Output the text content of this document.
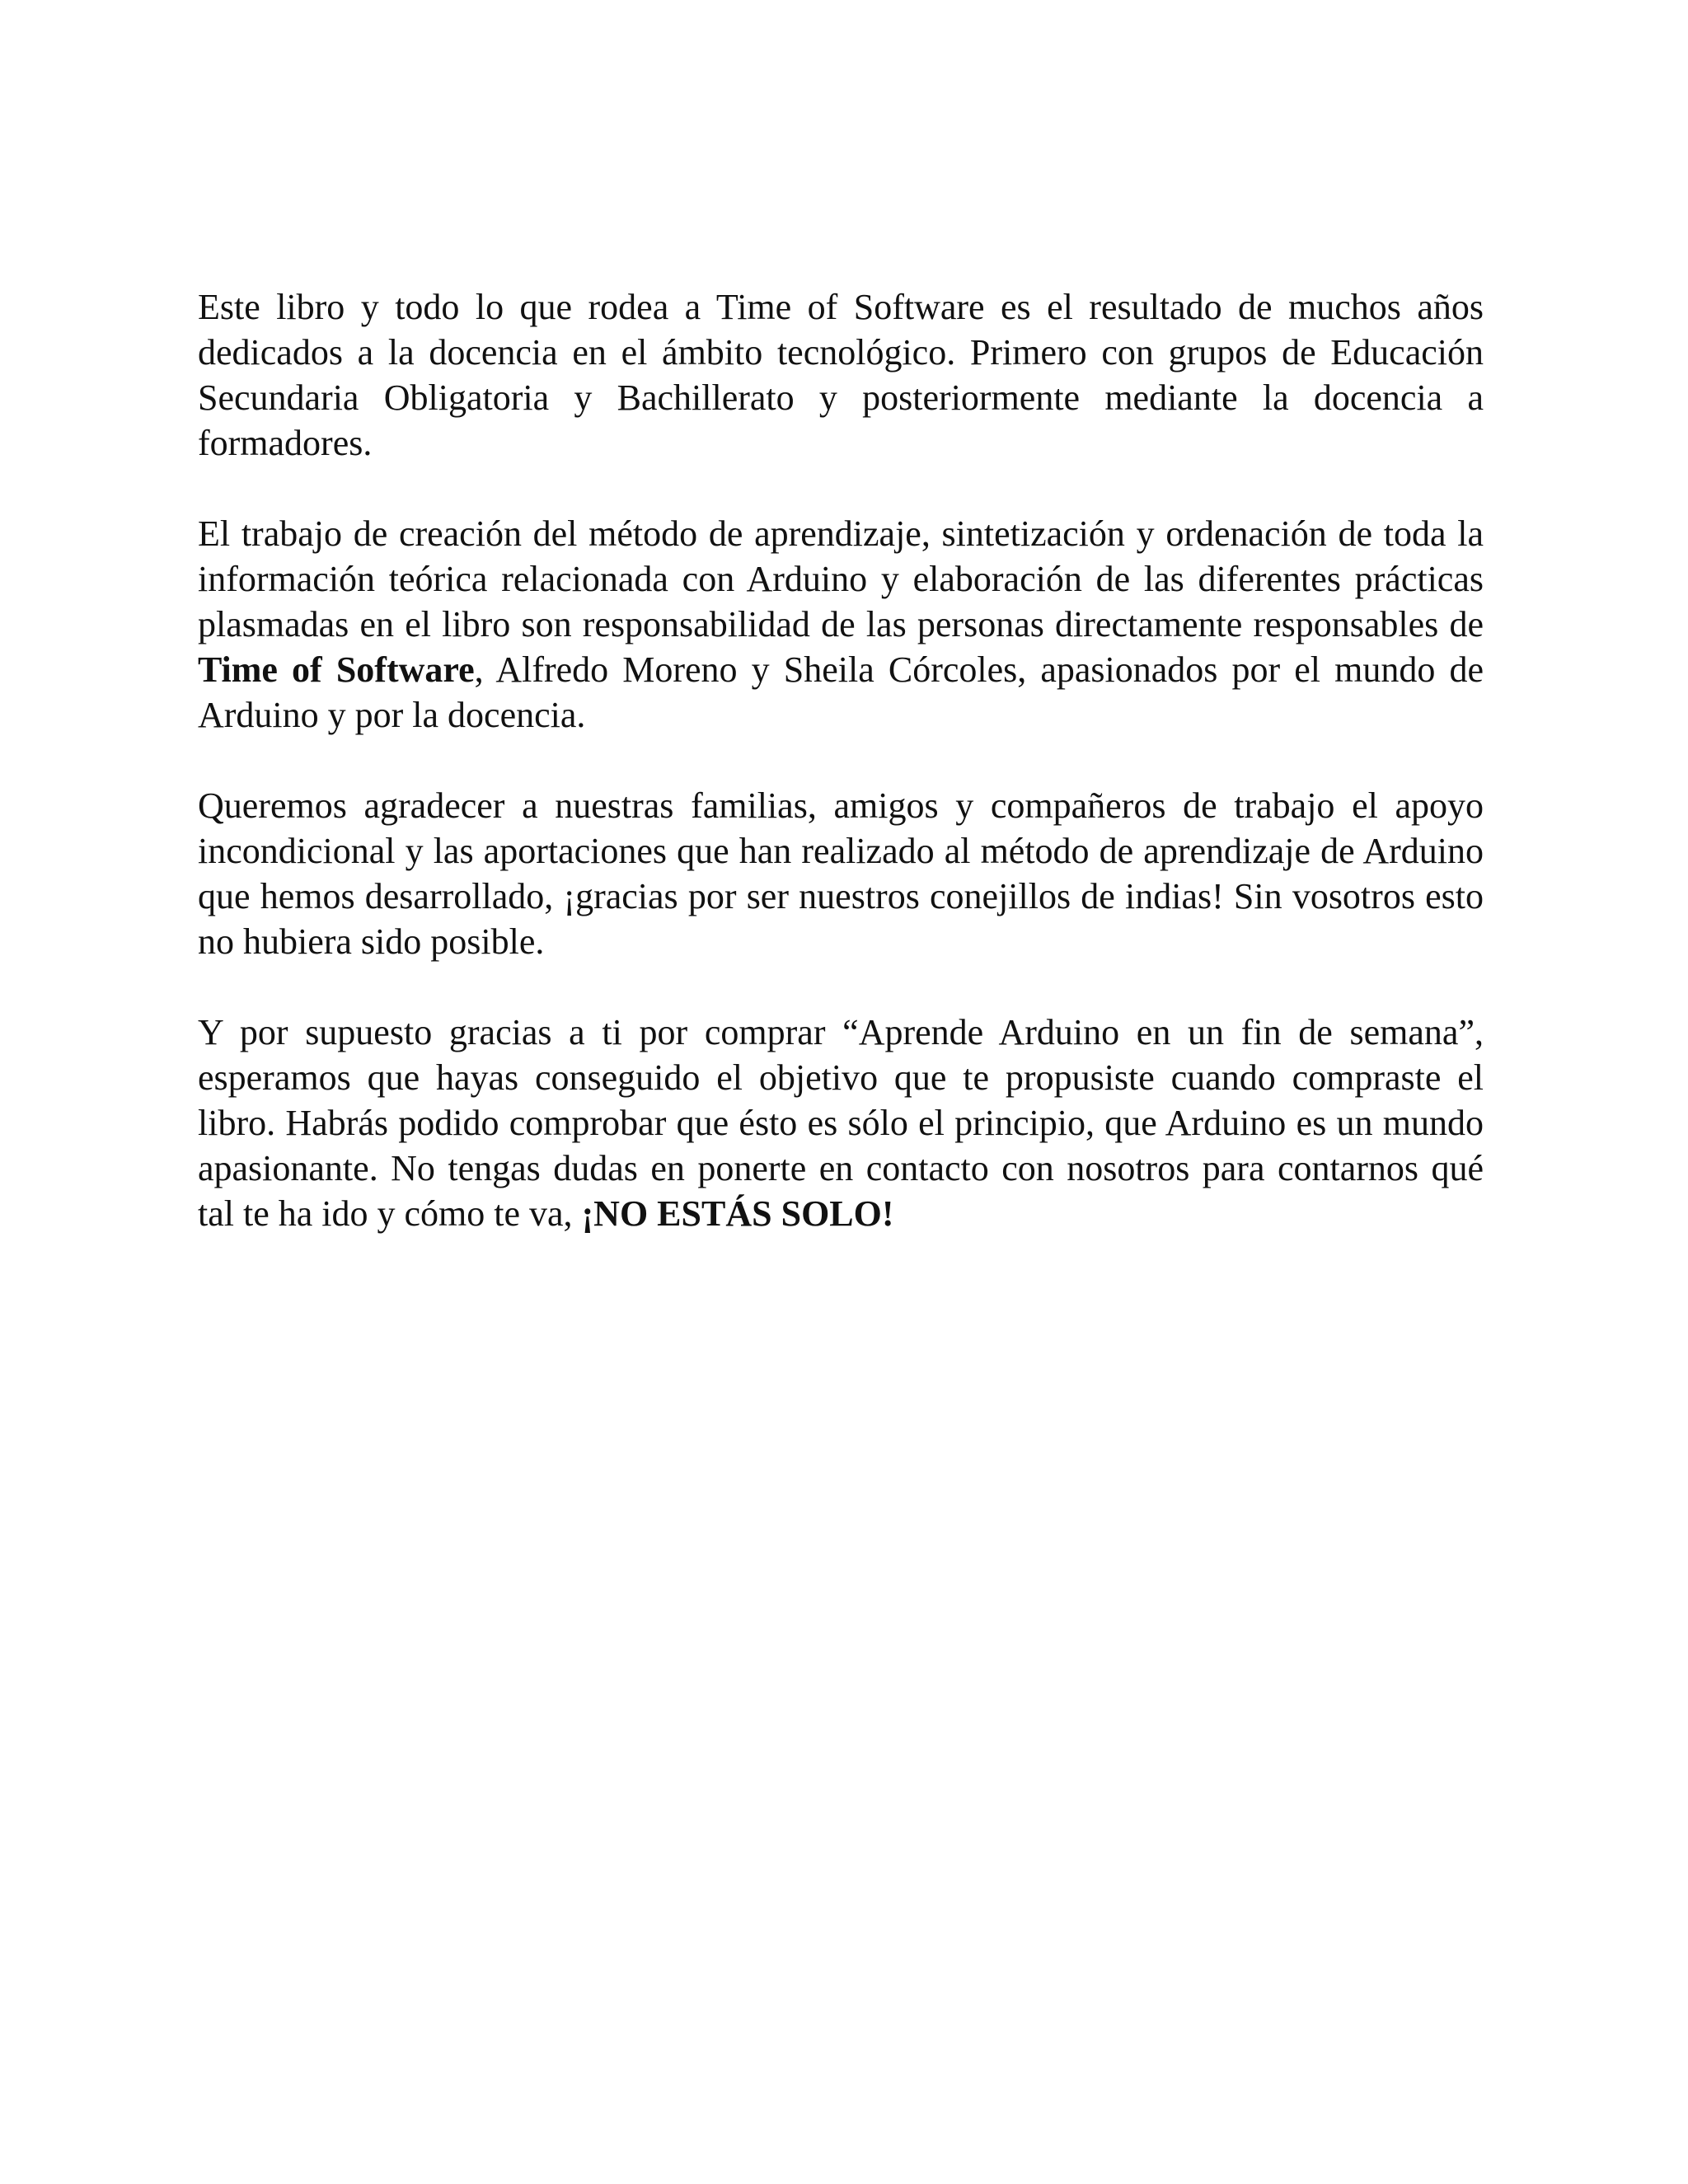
Este libro y todo lo que rodea a Time of Software es el resultado de muchos años dedicados a la docencia en el ámbito tecnológico. Primero con grupos de Educación Secundaria Obligatoria y Bachillerato y posteriormente mediante la docencia a formadores.

El trabajo de creación del método de aprendizaje, sintetización y ordenación de toda la información teórica relacionada con Arduino y elaboración de las diferentes prácticas plasmadas en el libro son responsabilidad de las personas directamente responsables de Time of Software, Alfredo Moreno y Sheila Córcoles, apasionados por el mundo de Arduino y por la docencia.

Queremos agradecer a nuestras familias, amigos y compañeros de trabajo el apoyo incondicional y las aportaciones que han realizado al método de aprendizaje de Arduino que hemos desarrollado, ¡gracias por ser nuestros conejillos de indias! Sin vosotros esto no hubiera sido posible.

Y por supuesto gracias a ti por comprar “Aprende Arduino en un fin de semana”, esperamos que hayas conseguido el objetivo que te propusiste cuando compraste el libro. Habrás podido comprobar que ésto es sólo el principio, que Arduino es un mundo apasionante. No tengas dudas en ponerte en contacto con nosotros para contarnos qué tal te ha ido y cómo te va, ¡NO ESTÁS SOLO!
